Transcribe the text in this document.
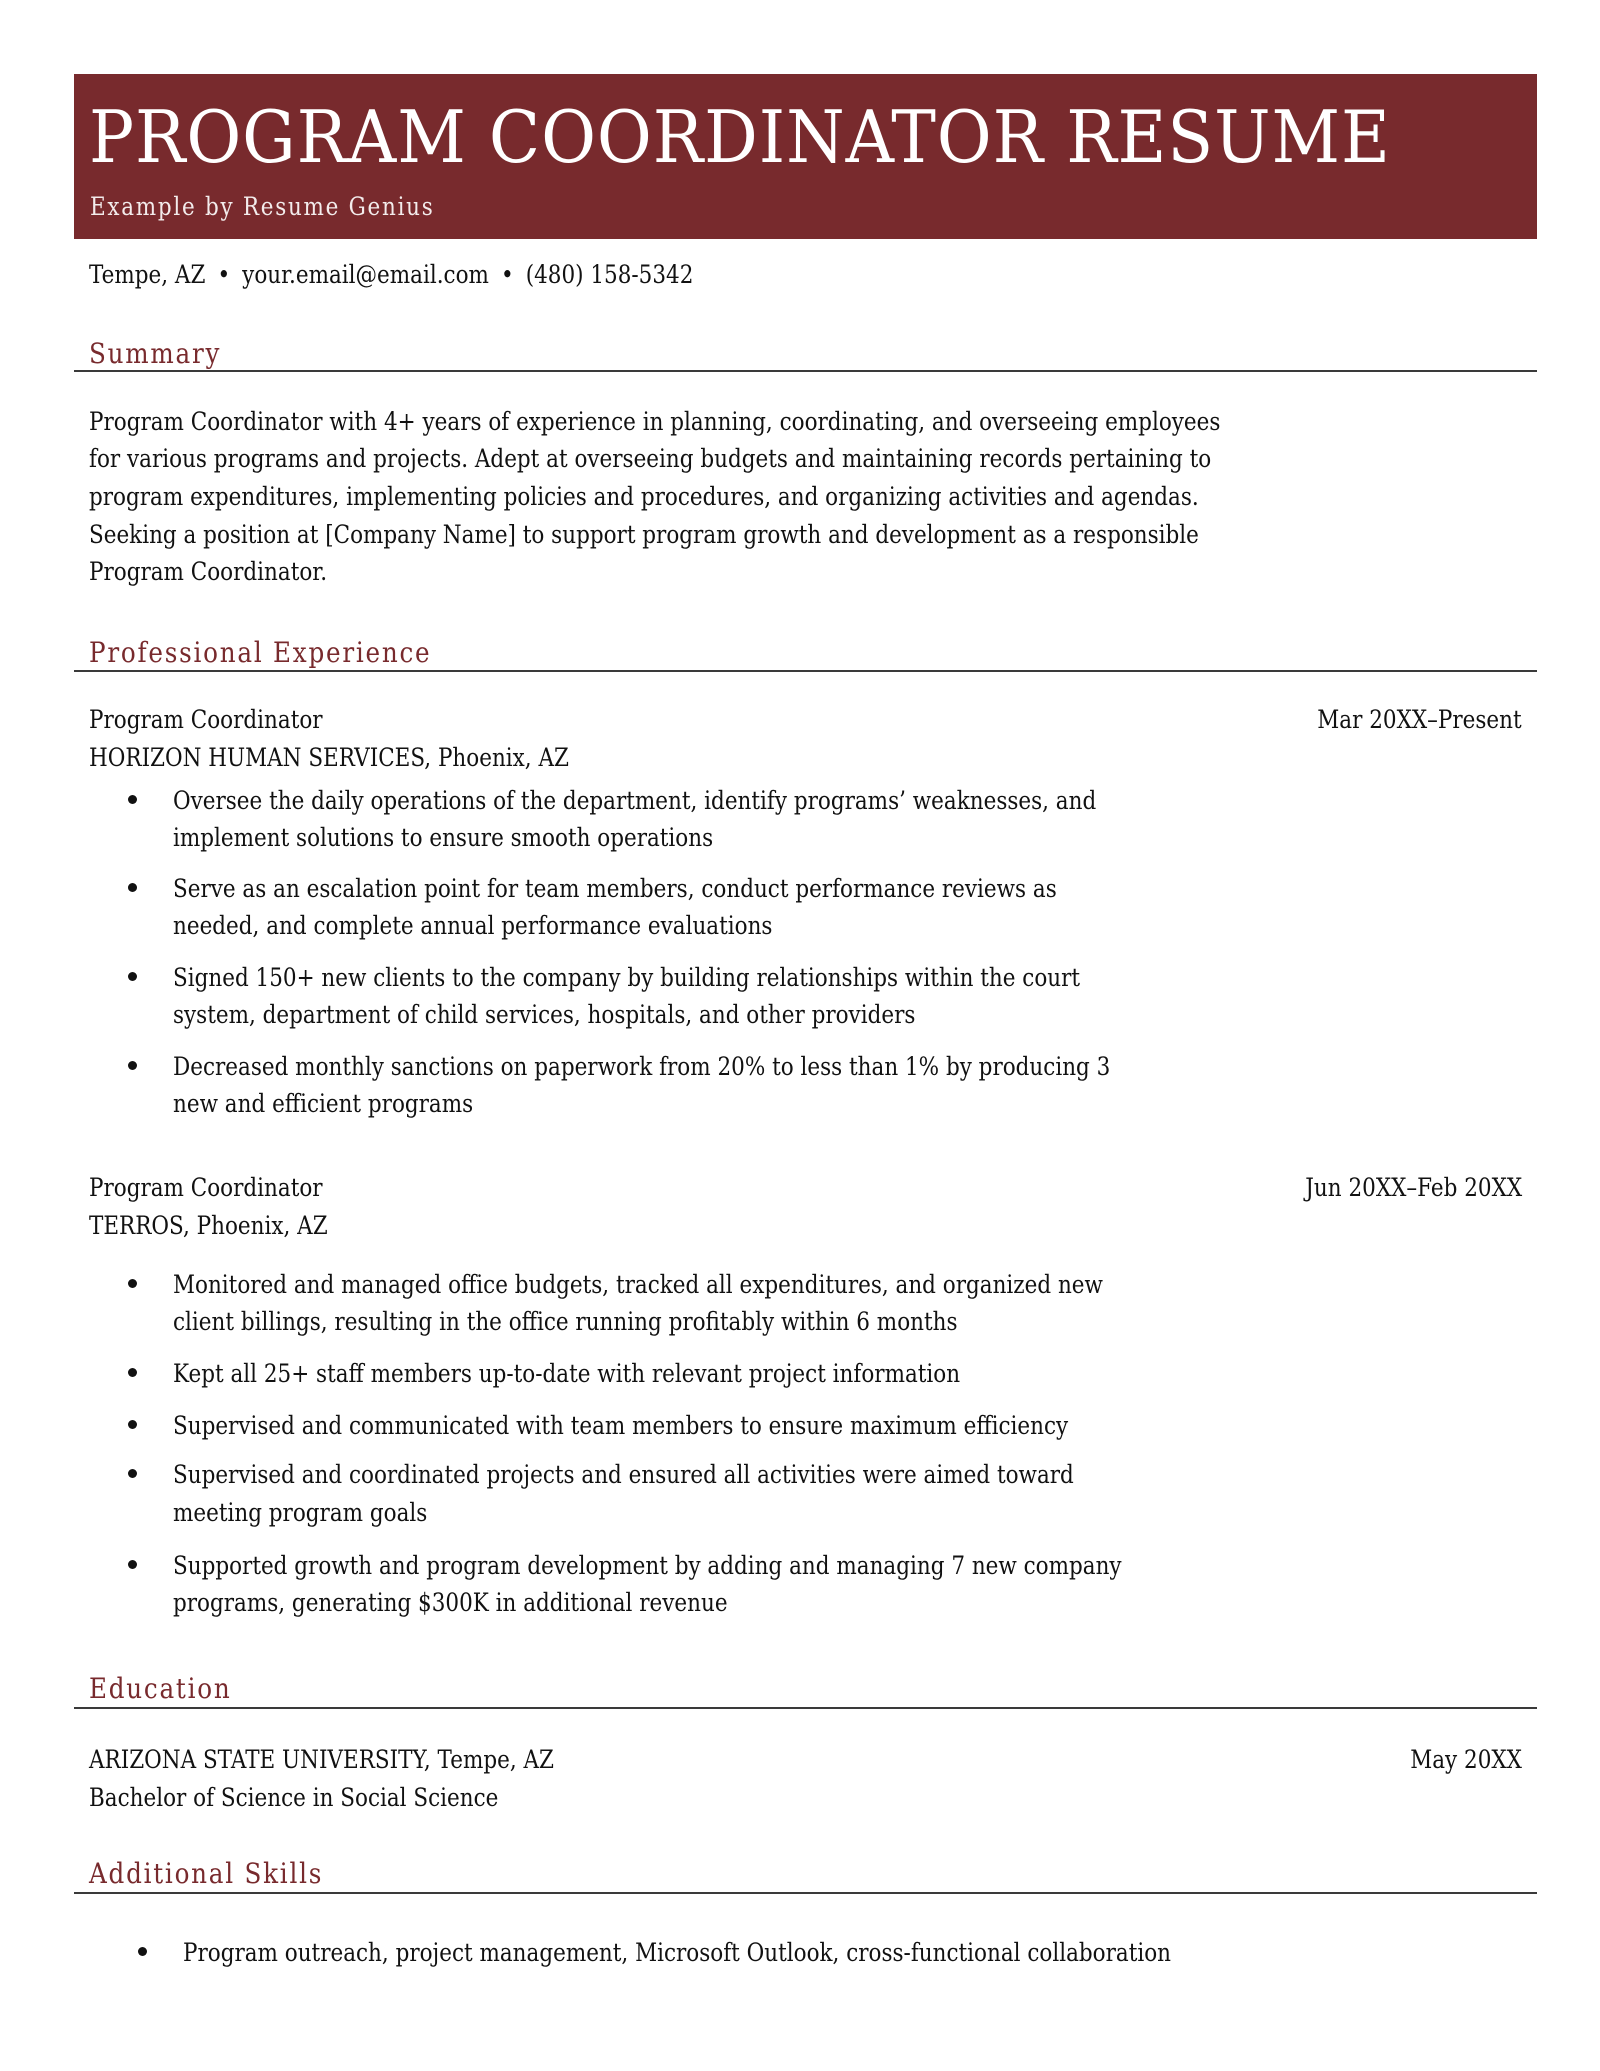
PROGRAM COORDINATOR RESUME
Example by Resume Genius
Tempe, AZ • your.email@email.com • (480) 158-5342
Summary
Program Coordinator with 4+ years of experience in planning, coordinating, and overseeing employees
for various programs and projects. Adept at overseeing budgets and maintaining records pertaining to
program expenditures, implementing policies and procedures, and organizing activities and agendas.
Seeking a position at [Company Name] to support program growth and development as a responsible
Program Coordinator.
Professional Experience
Program Coordinator	Mar 20XX–Present
HORIZON HUMAN SERVICES, Phoenix, AZ
Oversee the daily operations of the department, identify programs’ weaknesses, and
implement solutions to ensure smooth operations
Serve as an escalation point for team members, conduct performance reviews as
needed, and complete annual performance evaluations
Signed 150+ new clients to the company by building relationships within the court
system, department of child services, hospitals, and other providers
Decreased monthly sanctions on paperwork from 20% to less than 1% by producing 3
new and efficient programs
Program Coordinator	Jun 20XX–Feb 20XX
TERROS, Phoenix, AZ
Monitored and managed office budgets, tracked all expenditures, and organized new
client billings, resulting in the office running profitably within 6 months
Kept all 25+ staff members up-to-date with relevant project information
Supervised and communicated with team members to ensure maximum efficiency
Supervised and coordinated projects and ensured all activities were aimed toward
meeting program goals
Supported growth and program development by adding and managing 7 new company
programs, generating $300K in additional revenue
Education
ARIZONA STATE UNIVERSITY, Tempe, AZ	May 20XX
Bachelor of Science in Social Science
Additional Skills
Program outreach, project management, Microsoft Outlook, cross-functional collaboration
